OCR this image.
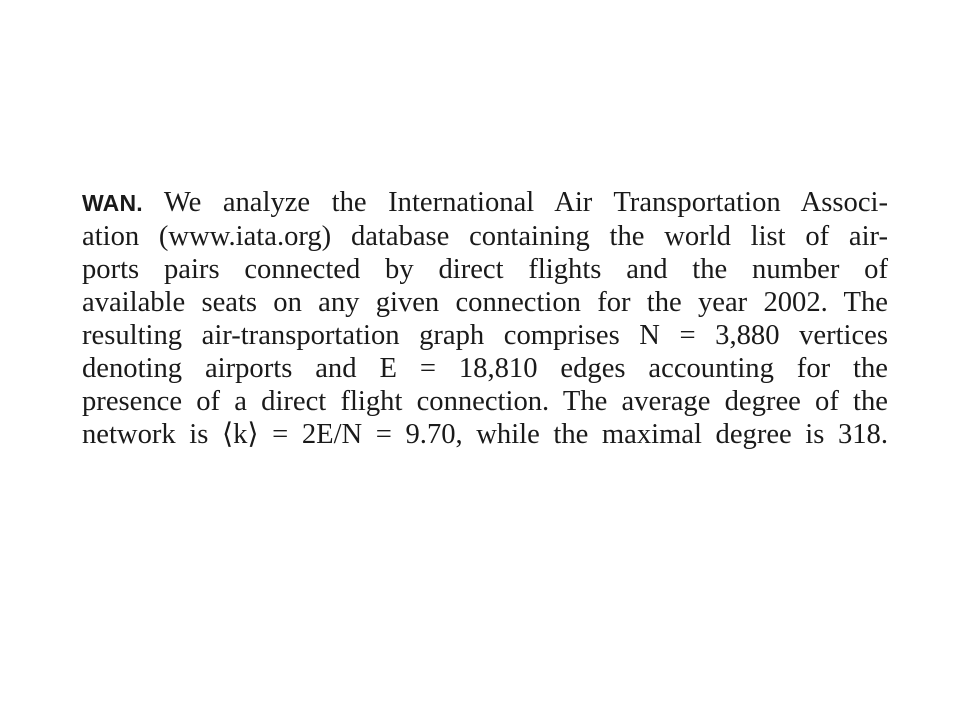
WAN. We analyze the International Air Transportation Associ-
ation (www.iata.org) database containing the world list of air-
ports pairs connected by direct flights and the number of
available seats on any given connection for the year 2002. The
resulting air-transportation graph comprises N = 3,880 vertices
denoting airports and E = 18,810 edges accounting for the
presence of a direct flight connection. The average degree of the
network is ⟨k⟩ = 2E/N = 9.70, while the maximal degree is 318.
